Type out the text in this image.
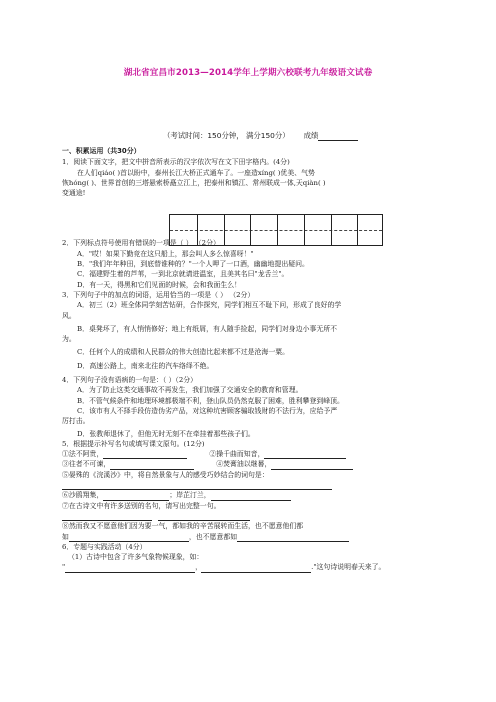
湖北省宜昌市2013—2014学年上学期六校联考九年级语文试卷
（考试时间：150分钟， 满分150分） 成绩
一、积累运用（共30分）
1．阅读下面文字，把文中拼音所表示的汉字依次写在文下田字格内。(4分)
在人们qiáo( )首以盼中，泰州长江大桥正式通车了。一座造xíng( )优美、气势
恢hóng( )、世界首创的三塔悬索桥矗立江上，把泰州和镇江、常州联成一体,天qiàn( )
变通途!
2．下列标点符号使用有错误的一项是（ ） （2分）
A．"哎！如果下勤竞在这只船上，那会叫人多么惊喜呀！"
B．"我们年年种田，到底替谁种的？"一个人呷了一口酒，幽幽地提出疑问。
C．福建野生着的芦苇，一到北京就请进温室，且美其名曰"龙舌兰"。
D．有一天，得黑和它们见面的时候，会和我面生么！
3．下列句子中的加点的词语，运用恰当的一项是（ ） （2分）
A．初三（2）班全体同学刻苦钻研，合作探究，同学们相互不耻下问，形成了良好的学
风。
B．桌凳坏了，有人悄悄修好；地上有纸屑，有人随手捡起，同学们对身边小事无所不
为。
C．任何个人的成绩和人民群众的伟大创造比起来都不过是沧海一粟。
D．高速公路上，南来北往的汽车络绎不绝。
4．下列句子没有语病的一句是：（ ）（2分）
A．为了防止这类交通事故不再发生，我们加强了交通安全的教育和管理。
B．不管气候条件和地理环境都极端不利，登山队员仍然克服了困难，胜利攀登到峰顶。
C．该市有人不择手段仿造伪劣产品，对这种坑害顾客骗取钱财的不法行为，应给予严
厉打击。
D．张教师退休了，但他无时无刻不在牵挂着那些孩子们。
5．根据提示补写名句或填写课文原句。(12分)
①法不阿贵，	②操千曲而知音，
③往者不可谏，	④焚膏油以继晷，
⑤晏殊的《浣溪沙》中，将自然景象与人的感受巧妙结合的词句是：
⑥沙鸥翔集，	；岸芷汀兰，
⑦在古诗文中有许多送别的名句，请写出完整一句。
⑧然而我又不愿意他们因为要一气，都如我的辛苦展转而生活，也不愿意他们都
如	，也不愿意都如
6．专题与实践活动（4分）
（1）古诗中包含了许多气象物候现象，如：
"	，	."这句诗说明春天来了。
